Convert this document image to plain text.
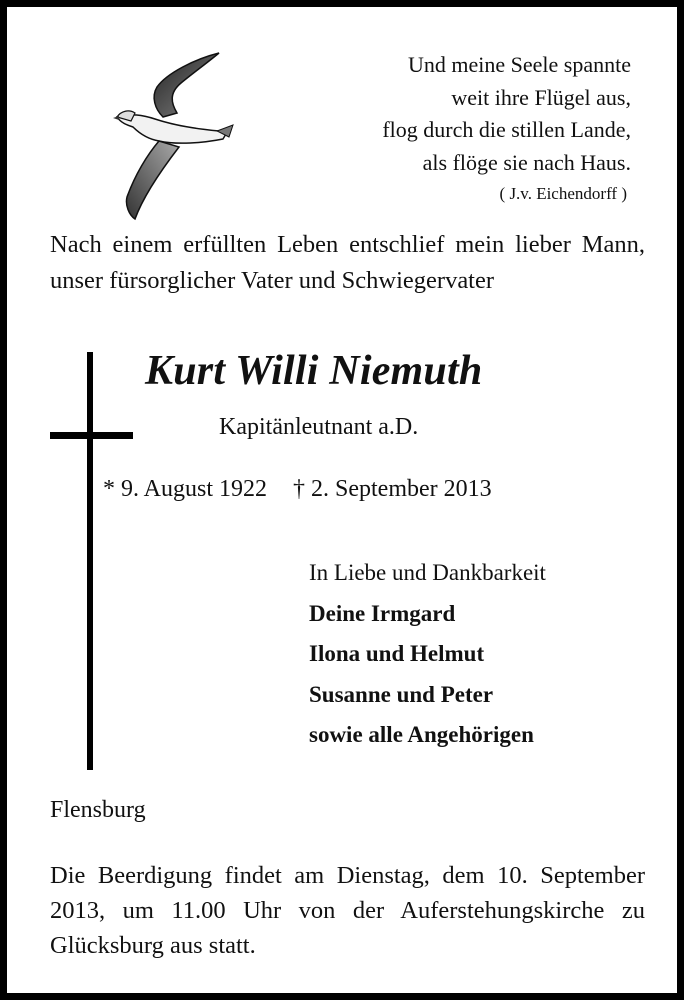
Und meine Seele spannte
weit ihre Flügel aus,
flog durch die stillen Lande,
als flöge sie nach Haus.
( J.v. Eichendorff )
Nach einem erfüllten Leben entschlief mein lieber Mann, unser fürsorglicher Vater und Schwiegervater
Kurt Willi Niemuth
Kapitänleutnant a.D.
* 9. August 1922 † 2. September 2013
In Liebe und Dankbarkeit
Deine Irmgard
Ilona und Helmut
Susanne und Peter
sowie alle Angehörigen
Flensburg
Die Beerdigung findet am Dienstag, dem 10. September 2013, um 11.00 Uhr von der Auferstehungskirche zu Glücksburg aus statt.
